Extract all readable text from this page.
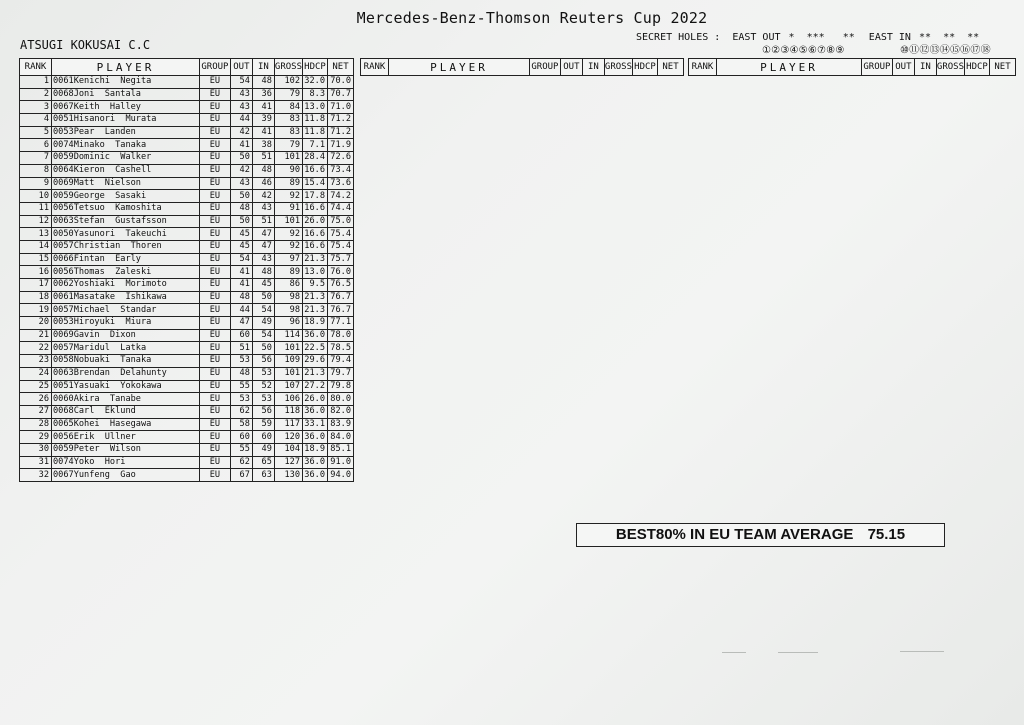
Mercedes-Benz-Thomson Reuters Cup 2022
ATSUGI KOKUSAI C.C
SECRET HOLES : EAST OUT *  ***   ** EAST IN **  **  **
①②③④⑤⑥⑦⑧⑨	⑩⑪⑫⑬⑭⑮⑯⑰⑱
RANK	PLAYER	GROUP	OUT	IN	GROSS	HDCP	NET
1	0061Kenichi  Negita	EU	54	48	102	32.0	70.0
2	0068Joni  Santala	EU	43	36	79	8.3	70.7
3	0067Keith  Halley	EU	43	41	84	13.0	71.0
4	0051Hisanori  Murata	EU	44	39	83	11.8	71.2
5	0053Pear  Landen	EU	42	41	83	11.8	71.2
6	0074Minako  Tanaka	EU	41	38	79	7.1	71.9
7	0059Dominic  Walker	EU	50	51	101	28.4	72.6
8	0064Kieron  Cashell	EU	42	48	90	16.6	73.4
9	0069Matt  Nielson	EU	43	46	89	15.4	73.6
10	0059George  Sasaki	EU	50	42	92	17.8	74.2
11	0056Tetsuo  Kamoshita	EU	48	43	91	16.6	74.4
12	0063Stefan  Gustafsson	EU	50	51	101	26.0	75.0
13	0050Yasunori  Takeuchi	EU	45	47	92	16.6	75.4
14	0057Christian  Thoren	EU	45	47	92	16.6	75.4
15	0066Fintan  Early	EU	54	43	97	21.3	75.7
16	0056Thomas  Zaleski	EU	41	48	89	13.0	76.0
17	0062Yoshiaki  Morimoto	EU	41	45	86	9.5	76.5
18	0061Masatake  Ishikawa	EU	48	50	98	21.3	76.7
19	0057Michael  Standar	EU	44	54	98	21.3	76.7
20	0053Hiroyuki  Miura	EU	47	49	96	18.9	77.1
21	0069Gavin  Dixon	EU	60	54	114	36.0	78.0
22	0057Maridul  Latka	EU	51	50	101	22.5	78.5
23	0058Nobuaki  Tanaka	EU	53	56	109	29.6	79.4
24	0063Brendan  Delahunty	EU	48	53	101	21.3	79.7
25	0051Yasuaki  Yokokawa	EU	55	52	107	27.2	79.8
26	0060Akira  Tanabe	EU	53	53	106	26.0	80.0
27	0068Carl  Eklund	EU	62	56	118	36.0	82.0
28	0065Kohei  Hasegawa	EU	58	59	117	33.1	83.9
29	0056Erik  Ullner	EU	60	60	120	36.0	84.0
30	0059Peter  Wilson	EU	55	49	104	18.9	85.1
31	0074Yoko  Hori	EU	62	65	127	36.0	91.0
32	0067Yunfeng  Gao	EU	67	63	130	36.0	94.0
RANK	PLAYER	GROUP	OUT	IN	GROSS	HDCP	NET RANK	PLAYER	GROUP	OUT	IN	GROSS	HDCP	NET
BEST80% IN EU TEAM AVERAGE 75.15
